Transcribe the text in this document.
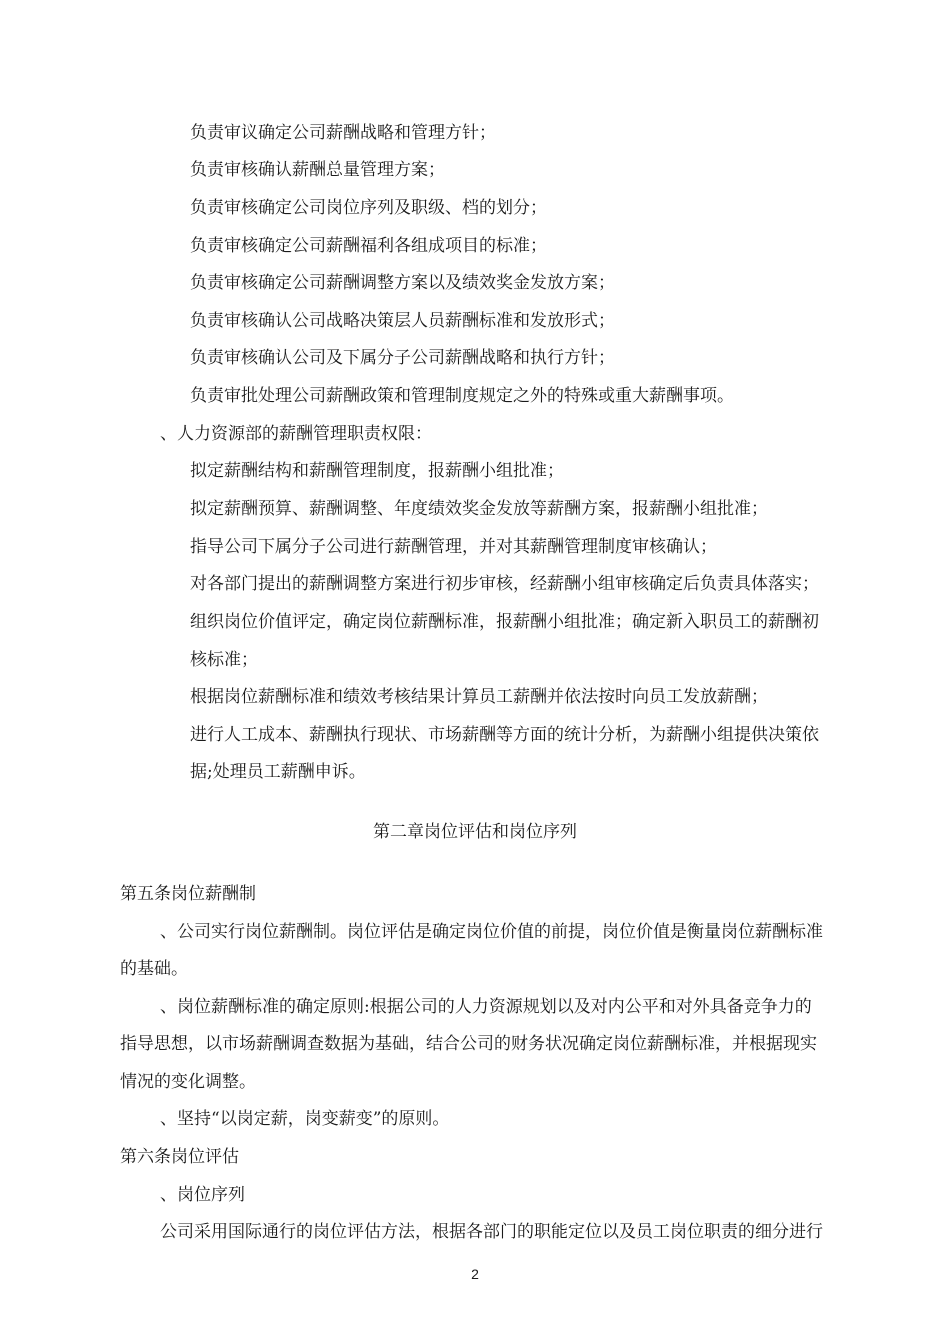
负责审议确定公司薪酬战略和管理方针；
负责审核确认薪酬总量管理方案；
负责审核确定公司岗位序列及职级、档的划分；
负责审核确定公司薪酬福利各组成项目的标准；
负责审核确定公司薪酬调整方案以及绩效奖金发放方案；
负责审核确认公司战略决策层人员薪酬标准和发放形式；
负责审核确认公司及下属分子公司薪酬战略和执行方针；
负责审批处理公司薪酬政策和管理制度规定之外的特殊或重大薪酬事项。
、人力资源部的薪酬管理职责权限：
拟定薪酬结构和薪酬管理制度，报薪酬小组批准；
拟定薪酬预算、薪酬调整、年度绩效奖金发放等薪酬方案，报薪酬小组批准；
指导公司下属分子公司进行薪酬管理，并对其薪酬管理制度审核确认；
对各部门提出的薪酬调整方案进行初步审核，经薪酬小组审核确定后负责具体落实；
组织岗位价值评定，确定岗位薪酬标准，报薪酬小组批准；确定新入职员工的薪酬初
核标准；
根据岗位薪酬标准和绩效考核结果计算员工薪酬并依法按时向员工发放薪酬；
进行人工成本、薪酬执行现状、市场薪酬等方面的统计分析，为薪酬小组提供决策依
据;处理员工薪酬申诉。
第二章岗位评估和岗位序列
第五条岗位薪酬制
、公司实行岗位薪酬制。岗位评估是确定岗位价值的前提，岗位价值是衡量岗位薪酬标准
的基础。
、岗位薪酬标准的确定原则:根据公司的人力资源规划以及对内公平和对外具备竞争力的
指导思想，以市场薪酬调查数据为基础，结合公司的财务状况确定岗位薪酬标准，并根据现实
情况的变化调整。
、坚持“以岗定薪，岗变薪变”的原则。
第六条岗位评估
、岗位序列
公司采用国际通行的岗位评估方法，根据各部门的职能定位以及员工岗位职责的细分进行
2
